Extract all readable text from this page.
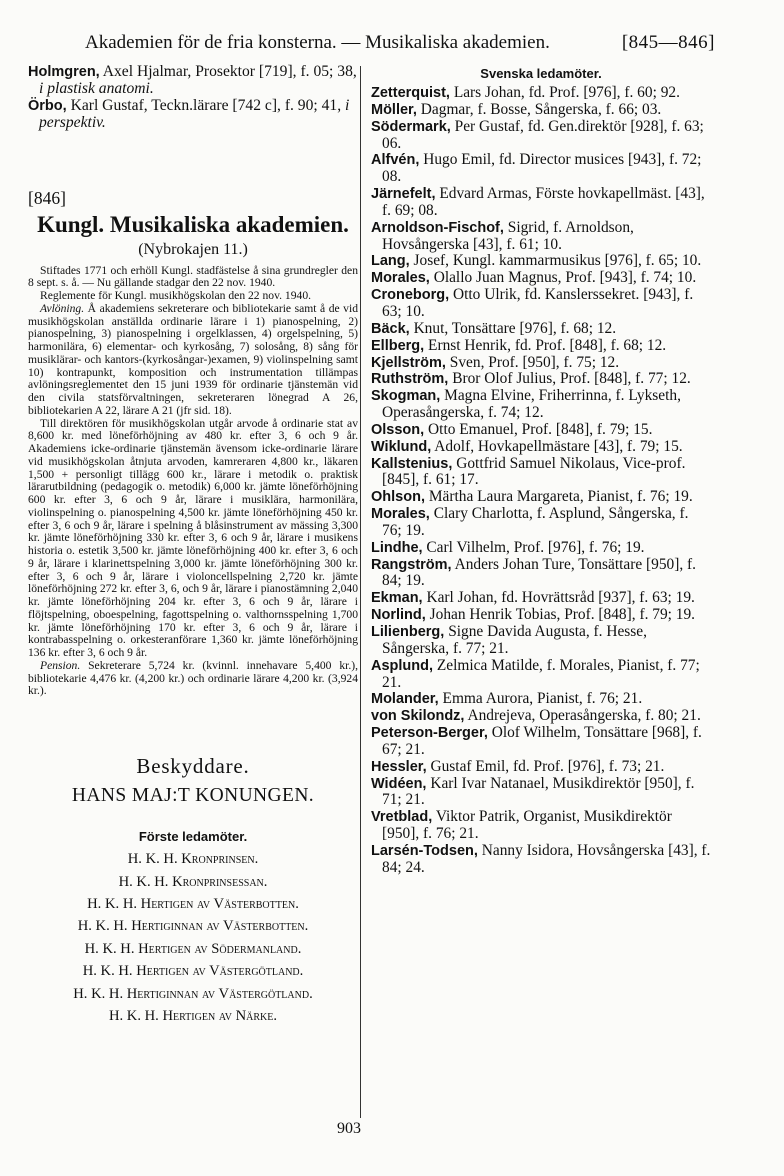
Akademien för de fria konsterna. — Musikaliska akademien.	[845—846]

Holmgren, Axel Hjalmar, Prosektor [719], f. 05; 38, i plastisk anatomi.

Örbo, Karl Gustaf, Teckn.lärare [742 c], f. 90; 41, i perspektiv.

[846]
Kungl. Musikaliska akademien.
(Nybrokajen 11.)

Stiftades 1771 och erhöll Kungl. stadfästelse å sina grundregler den 8 sept. s. å. — Nu gällande stadgar den 22 nov. 1940.

Reglemente för Kungl. musikhögskolan den 22 nov. 1940.

Avlöning. Å akademiens sekreterare och bibliotekarie samt å de vid musikhögskolan anställda ordinarie lärare i 1) pianospelning, 2) pianospelning, 3) pianospelning i orgelklassen, 4) orgelspelning, 5) harmonilära, 6) elementar- och kyrkosång, 7) solosång, 8) sång för musiklärar- och kantors-(kyrkosångar-)examen, 9) violinspelning samt 10) kontrapunkt, komposition och instrumentation tillämpas avlöningsreglementet den 15 juni 1939 för ordinarie tjänstemän vid den civila statsförvaltningen, sekreteraren lönegrad A 26, bibliotekarien A 22, lärare A 21 (jfr sid. 18).

Till direktören för musikhögskolan utgår arvode å ordinarie stat av 8,600 kr. med löneförhöjning av 480 kr. efter 3, 6 och 9 år. Akademiens icke-ordinarie tjänstemän ävensom icke-ordinarie lärare vid musikhögskolan åtnjuta arvoden, kamreraren 4,800 kr., läkaren 1,500 + personligt tillägg 600 kr., lärare i metodik o. praktisk lärarutbildning (pedagogik o. metodik) 6,000 kr. jämte löneförhöjning 600 kr. efter 3, 6 och 9 år, lärare i musiklära, harmonilära, violinspelning o. pianospelning 4,500 kr. jämte löneförhöjning 450 kr. efter 3, 6 och 9 år, lärare i spelning å blåsinstrument av mässing 3,300 kr. jämte löneförhöjning 330 kr. efter 3, 6 och 9 år, lärare i musikens historia o. estetik 3,500 kr. jämte löneförhöjning 400 kr. efter 3, 6 och 9 år, lärare i klarinettspelning 3,000 kr. jämte löneförhöjning 300 kr. efter 3, 6 och 9 år, lärare i violoncellspelning 2,720 kr. jämte löneförhöjning 272 kr. efter 3, 6, och 9 år, lärare i pianostämning 2,040 kr. jämte löneförhöjning 204 kr. efter 3, 6 och 9 år, lärare i flöjtspelning, oboespelning, fagottspelning o. valthornsspelning 1,700 kr. jämte löneförhöjning 170 kr. efter 3, 6 och 9 år, lärare i kontrabasspelning o. orkesteranförare 1,360 kr. jämte löneförhöjning 136 kr. efter 3, 6 och 9 år.

Pension. Sekreterare 5,724 kr. (kvinnl. innehavare 5,400 kr.), bibliotekarie 4,476 kr. (4,200 kr.) och ordinarie lärare 4,200 kr. (3,924 kr.).

Beskyddare.
HANS MAJ:T KONUNGEN.
Förste ledamöter.
H. K. H. Kronprinsen.
H. K. H. Kronprinsessan.
H. K. H. Hertigen av Västerbotten.
H. K. H. Hertiginnan av Västerbotten.
H. K. H. Hertigen av Södermanland.
H. K. H. Hertigen av Västergötland.
H. K. H. Hertiginnan av Västergötland.
H. K. H. Hertigen av Närke.
Svenska ledamöter.

Zetterquist, Lars Johan, fd. Prof. [976], f. 60; 92.

Möller, Dagmar, f. Bosse, Sångerska, f. 66; 03.

Södermark, Per Gustaf, fd. Gen.direktör [928], f. 63; 06.

Alfvén, Hugo Emil, fd. Director musices [943], f. 72; 08.

Järnefelt, Edvard Armas, Förste hovkapellmäst. [43], f. 69; 08.

Arnoldson-Fischof, Sigrid, f. Arnoldson, Hovsångerska [43], f. 61; 10.

Lang, Josef, Kungl. kammarmusikus [976], f. 65; 10.

Morales, Olallo Juan Magnus, Prof. [943], f. 74; 10.

Croneborg, Otto Ulrik, fd. Kanslerssekret. [943], f. 63; 10.

Bäck, Knut, Tonsättare [976], f. 68; 12.

Ellberg, Ernst Henrik, fd. Prof. [848], f. 68; 12.

Kjellström, Sven, Prof. [950], f. 75; 12.

Ruthström, Bror Olof Julius, Prof. [848], f. 77; 12.

Skogman, Magna Elvine, Friherrinna, f. Lykseth, Operasångerska, f. 74; 12.

Olsson, Otto Emanuel, Prof. [848], f. 79; 15.

Wiklund, Adolf, Hovkapellmästare [43], f. 79; 15.

Kallstenius, Gottfrid Samuel Nikolaus, Vice-prof. [845], f. 61; 17.

Ohlson, Märtha Laura Margareta, Pianist, f. 76; 19.

Morales, Clary Charlotta, f. Asplund, Sångerska, f. 76; 19.

Lindhe, Carl Vilhelm, Prof. [976], f. 76; 19.

Rangström, Anders Johan Ture, Tonsättare [950], f. 84; 19.

Ekman, Karl Johan, fd. Hovrättsråd [937], f. 63; 19.

Norlind, Johan Henrik Tobias, Prof. [848], f. 79; 19.

Lilienberg, Signe Davida Augusta, f. Hesse, Sångerska, f. 77; 21.

Asplund, Zelmica Matilde, f. Morales, Pianist, f. 77; 21.

Molander, Emma Aurora, Pianist, f. 76; 21.

von Skilondz, Andrejeva, Operasångerska, f. 80; 21.

Peterson-Berger, Olof Wilhelm, Tonsättare [968], f. 67; 21.

Hessler, Gustaf Emil, fd. Prof. [976], f. 73; 21.

Widéen, Karl Ivar Natanael, Musikdirektör [950], f. 71; 21.

Vretblad, Viktor Patrik, Organist, Musikdirektör [950], f. 76; 21.

Larsén-Todsen, Nanny Isidora, Hovsångerska [43], f. 84; 24.

903
